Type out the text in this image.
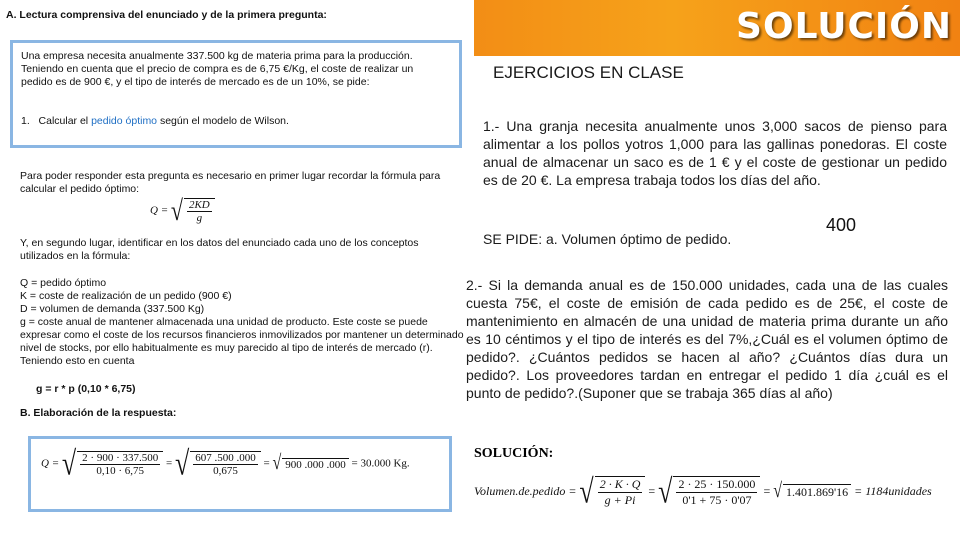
SOLUCIÓN

A. Lectura comprensiva del enunciado y de la primera pregunta:

Una empresa necesita anualmente 337.500 kg de materia prima para la producción. Teniendo en cuenta que el precio de compra es de 6,75 €/Kg, el coste de realizar un pedido es de 900 €, y el tipo de interés de mercado es de un 10%, se pide:

1. Calcular el pedido óptimo según el modelo de Wilson.

Para poder responder esta pregunta es necesario en primer lugar recordar la fórmula para calcular el pedido óptimo:

Q = √ $\frac{2KD}{g}$

Y, en segundo lugar, identificar en los datos del enunciado cada uno de los conceptos utilizados en la fórmula:

Q = pedido óptimo

K = coste de realización de un pedido (900 €)

D = volumen de demanda (337.500 Kg)

g = coste anual de mantener almacenada una unidad de producto. Este coste se puede expresar como el coste de los recursos financieros inmovilizados por mantener un determinado nivel de stocks, por ello habitualmente es muy parecido al tipo de interés de mercado (r). Teniendo esto en cuenta

g = r * p (0,10 * 6,75)

B. Elaboración de la respuesta:

Q = √ $\frac{2 \cdot 900 \cdot 337.500}{0,10 \cdot 6,75}$ = √ $\frac{607 .500 .000}{0,675}$ = √ 900 .000 .000 = 30.000 Kg.
EJERCICIOS EN CLASE

1.- Una granja necesita anualmente unos 3,000 sacos de pienso para alimentar a los pollos yotros 1,000 para las gallinas ponedoras. El coste anual de almacenar un saco es de 1 € y el coste de gestionar un pedido es de 20 €. La empresa trabaja todos los días del año.

400

SE PIDE: a. Volumen óptimo de pedido.

2.- Si la demanda anual es de 150.000 unidades, cada una de las cuales cuesta 75€, el coste de emisión de cada pedido es de 25€, el coste de mantenimiento en almacén de una unidad de materia prima durante un año es 10 céntimos y el tipo de interés es del 7%,¿Cuál es el volumen óptimo de pedido?. ¿Cuántos pedidos se hacen al año? ¿Cuántos días dura un pedido?. Los proveedores tardan en entregar el pedido 1 día ¿cuál es el punto de pedido?.(Suponer que se trabaja 365 días al año)

SOLUCIÓN:
Volumen.de.pedido = √ $\frac{2 \cdot K \cdot Q}{g + Pi}$ = √ $\frac{2 \cdot 25 \cdot 150.000}{0'1 + 75 \cdot 0'07}$ = √ 1.401.869'16 = 1184unidades
